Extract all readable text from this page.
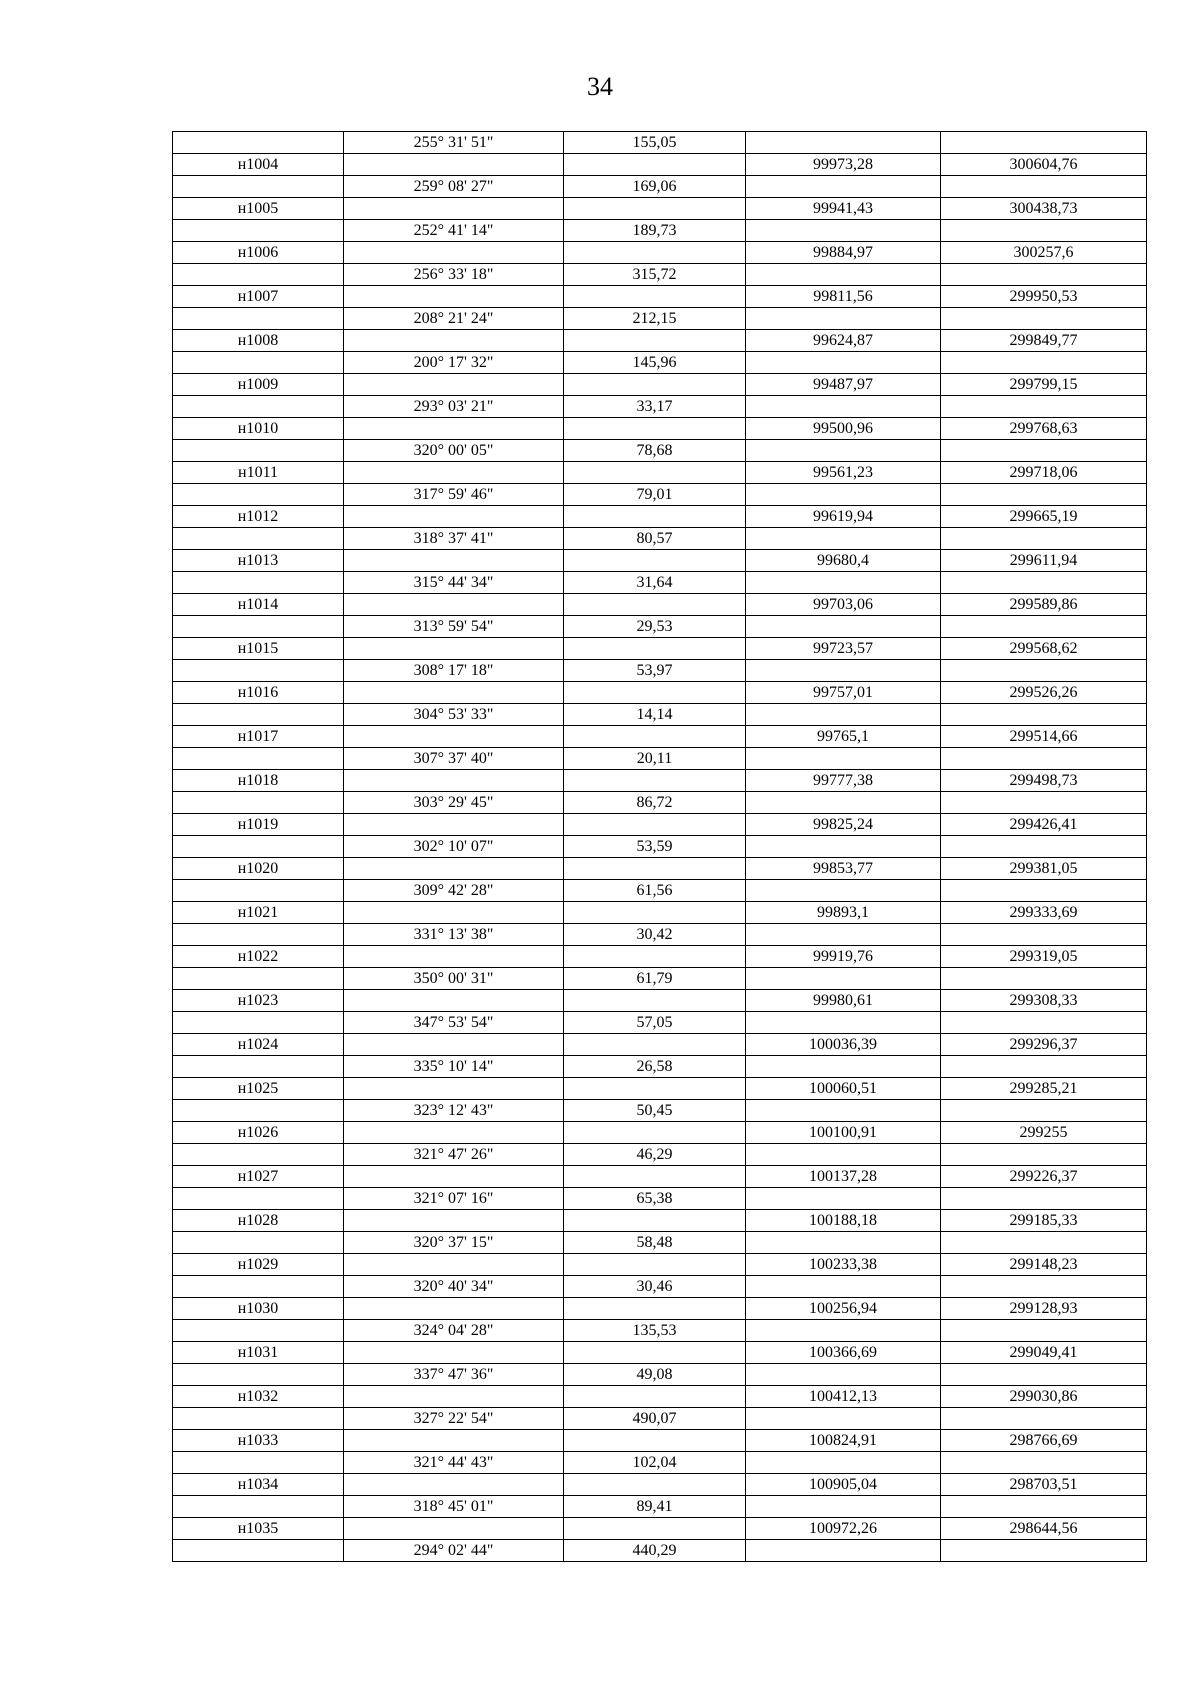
34
	255° 31' 51"	155,05		
н1004			99973,28	300604,76
	259° 08' 27"	169,06		
н1005			99941,43	300438,73
	252° 41' 14"	189,73		
н1006			99884,97	300257,6
	256° 33' 18"	315,72		
н1007			99811,56	299950,53
	208° 21' 24"	212,15		
н1008			99624,87	299849,77
	200° 17' 32"	145,96		
н1009			99487,97	299799,15
	293° 03' 21"	33,17		
н1010			99500,96	299768,63
	320° 00' 05"	78,68		
н1011			99561,23	299718,06
	317° 59' 46"	79,01		
н1012			99619,94	299665,19
	318° 37' 41"	80,57		
н1013			99680,4	299611,94
	315° 44' 34"	31,64		
н1014			99703,06	299589,86
	313° 59' 54"	29,53		
н1015			99723,57	299568,62
	308° 17' 18"	53,97		
н1016			99757,01	299526,26
	304° 53' 33"	14,14		
н1017			99765,1	299514,66
	307° 37' 40"	20,11		
н1018			99777,38	299498,73
	303° 29' 45"	86,72		
н1019			99825,24	299426,41
	302° 10' 07"	53,59		
н1020			99853,77	299381,05
	309° 42' 28"	61,56		
н1021			99893,1	299333,69
	331° 13' 38"	30,42		
н1022			99919,76	299319,05
	350° 00' 31"	61,79		
н1023			99980,61	299308,33
	347° 53' 54"	57,05		
н1024			100036,39	299296,37
	335° 10' 14"	26,58		
н1025			100060,51	299285,21
	323° 12' 43"	50,45		
н1026			100100,91	299255
	321° 47' 26"	46,29		
н1027			100137,28	299226,37
	321° 07' 16"	65,38		
н1028			100188,18	299185,33
	320° 37' 15"	58,48		
н1029			100233,38	299148,23
	320° 40' 34"	30,46		
н1030			100256,94	299128,93
	324° 04' 28"	135,53		
н1031			100366,69	299049,41
	337° 47' 36"	49,08		
н1032			100412,13	299030,86
	327° 22' 54"	490,07		
н1033			100824,91	298766,69
	321° 44' 43"	102,04		
н1034			100905,04	298703,51
	318° 45' 01"	89,41		
н1035			100972,26	298644,56
	294° 02' 44"	440,29		
